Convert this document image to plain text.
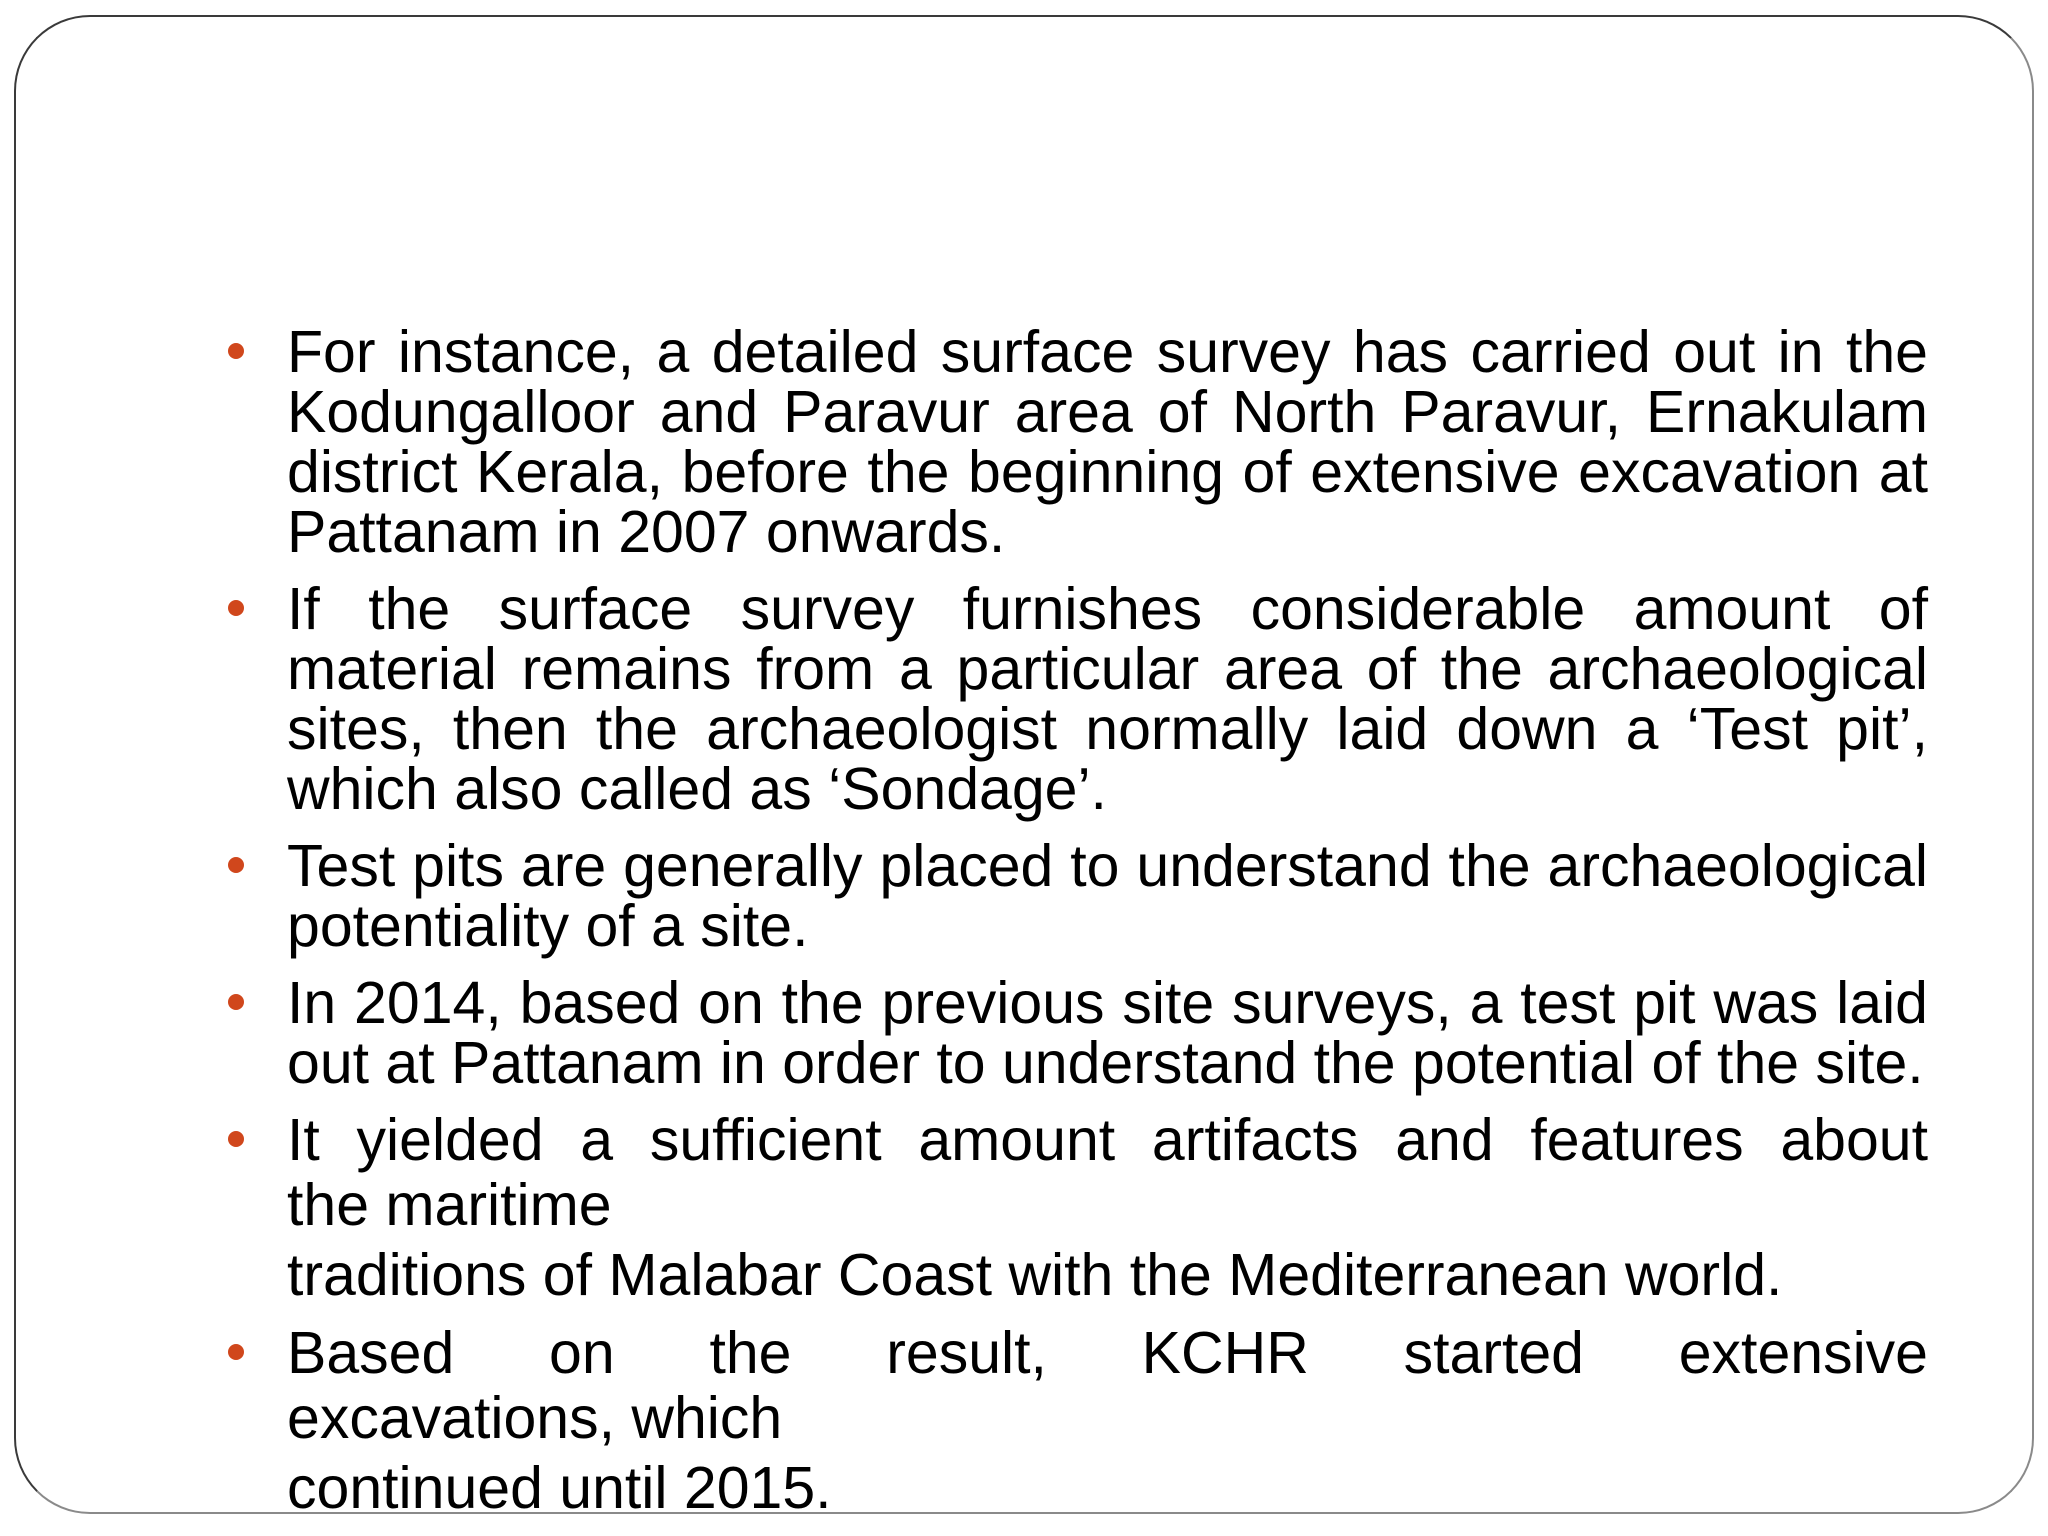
For instance, a detailed surface survey has carried out in the Kodungalloor and Paravur area of North Paravur, Ernakulam district Kerala, before the beginning of extensive excavation at Pattanam in 2007 onwards.
If the surface survey furnishes considerable amount of material remains from a particular area of the archaeological sites, then the archaeologist normally laid down a ‘Test pit’, which also called as ‘Sondage’.
Test pits are generally placed to understand the archaeological potentiality of a site.
In 2014, based on the previous site surveys, a test pit was laid out at Pattanam in order to understand the potential of the site.
It yielded a sufficient amount artifacts and features about
the maritime
traditions of Malabar Coast with the Mediterranean world.
Based on the result, KCHR started extensive
excavations, which
continued until 2015.
